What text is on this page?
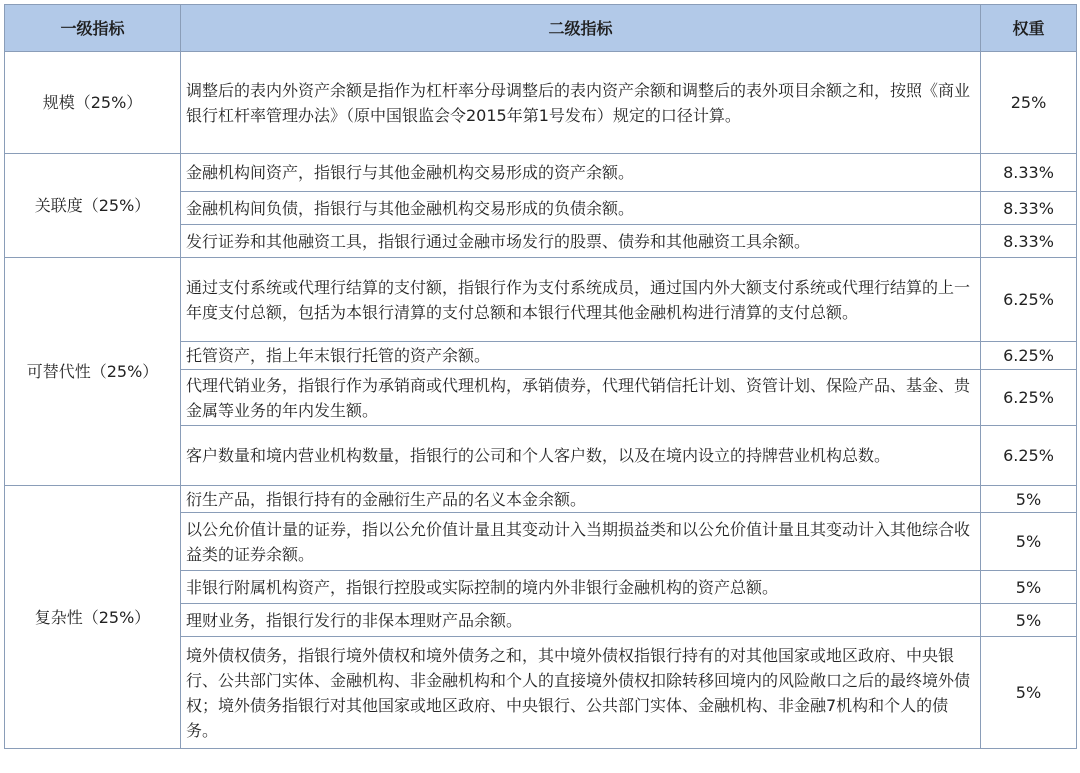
一级指标	二级指标	权重
规模（25%）	调整后的表内外资产余额是指作为杠杆率分母调整后的表内资产余额和调整后的表外项目余额之和，按照《商业银行杠杆率管理办法》（原中国银监会令2015年第1号发布）规定的口径计算。	25%
关联度（25%）	金融机构间资产，指银行与其他金融机构交易形成的资产余额。	8.33%
	金融机构间负债，指银行与其他金融机构交易形成的负债余额。	8.33%
	发行证券和其他融资工具，指银行通过金融市场发行的股票、债券和其他融资工具余额。	8.33%
可替代性（25%）	通过支付系统或代理行结算的支付额，指银行作为支付系统成员，通过国内外大额支付系统或代理行结算的上一年度支付总额，包括为本银行清算的支付总额和本银行代理其他金融机构进行清算的支付总额。	6.25%
	托管资产，指上年末银行托管的资产余额。	6.25%
	代理代销业务，指银行作为承销商或代理机构，承销债券，代理代销信托计划、资管计划、保险产品、基金、贵金属等业务的年内发生额。	6.25%
	客户数量和境内营业机构数量，指银行的公司和个人客户数，以及在境内设立的持牌营业机构总数。	6.25%
复杂性（25%）	衍生产品，指银行持有的金融衍生产品的名义本金余额。	5%
	以公允价值计量的证券，指以公允价值计量且其变动计入当期损益类和以公允价值计量且其变动计入其他综合收益类的证券余额。	5%
	非银行附属机构资产，指银行控股或实际控制的境内外非银行金融机构的资产总额。	5%
	理财业务，指银行发行的非保本理财产品余额。	5%
	境外债权债务，指银行境外债权和境外债务之和，其中境外债权指银行持有的对其他国家或地区政府、中央银行、公共部门实体、金融机构、非金融机构和个人的直接境外债权扣除转移回境内的风险敞口之后的最终境外债权；境外债务指银行对其他国家或地区政府、中央银行、公共部门实体、金融机构、非金融7机构和个人的债务。	5%
